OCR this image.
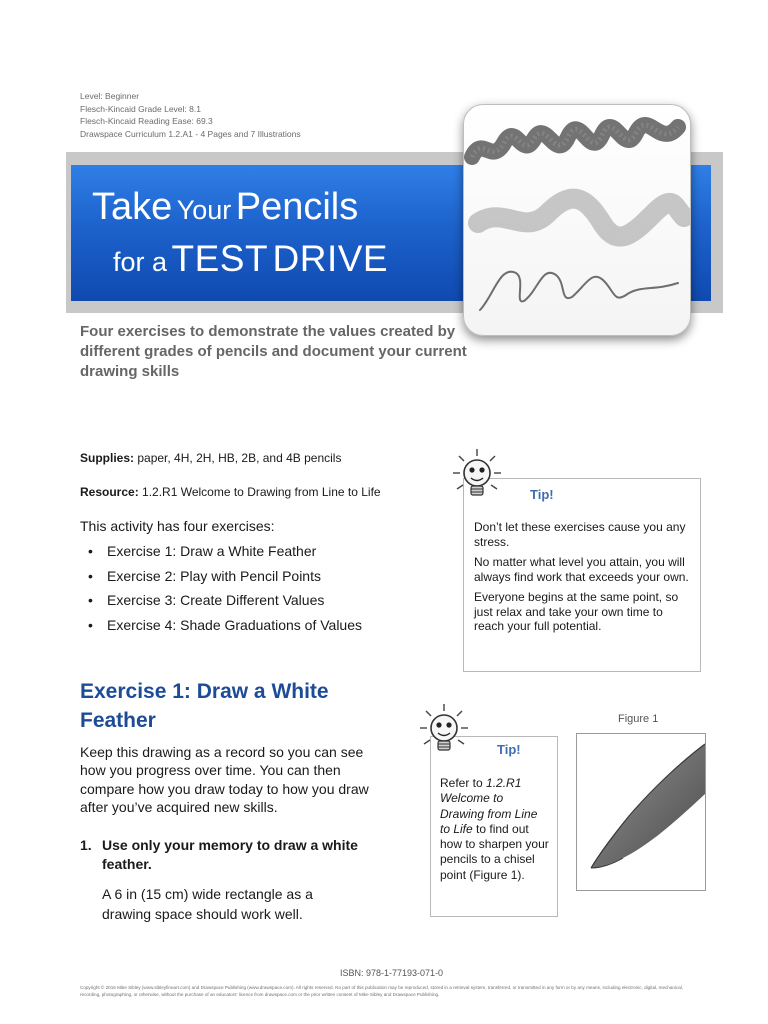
Level: Beginner
Flesch-Kincaid Grade Level: 8.1
Flesch-Kincaid Reading Ease: 69.3
Drawspace Curriculum 1.2.A1 - 4 Pages and 7 Illustrations
Take Your Pencils
for a TEST DRIVE
Four exercises to demonstrate the values created by different grades of pencils and document your current drawing skills
Supplies: paper, 4H, 2H, HB, 2B, and 4B pencils
Resource: 1.2.R1 Welcome to Drawing from Line to Life
This activity has four exercises:
• Exercise 1: Draw a White Feather
• Exercise 2: Play with Pencil Points
• Exercise 3: Create Different Values
• Exercise 4: Shade Graduations of Values
Tip!

Don’t let these exercises cause you any stress.

No matter what level you attain, you will always find work that exceeds your own.

Everyone begins at the same point, so just relax and take your own time to reach your full potential.

Exercise 1: Draw a White Feather
Keep this drawing as a record so you can see how you progress over time. You can then compare how you draw today to how you draw after you’ve acquired new skills.
1. Use only your memory to draw a white feather.
A 6 in (15 cm) wide rectangle as a drawing space should work well.
Tip!
Refer to 1.2.R1 Welcome to Drawing from Line to Life to find out how to sharpen your pencils to a chisel point (Figure 1).
Figure 1
ISBN: 978-1-77193-071-0
Copyright © 2016 Mike Sibley (www.sibleyfineart.com) and Drawspace Publishing (www.drawspace.com). All rights reserved. No part of this publication may be reproduced, stored in a retrieval system, transferred, or transmitted in any form or by any means, including electronic, digital, mechanical, recording, photographing, or otherwise, without the purchase of an educators' licence from drawspace.com or the prior written consent of Mike Sibley and Drawspace Publishing.
